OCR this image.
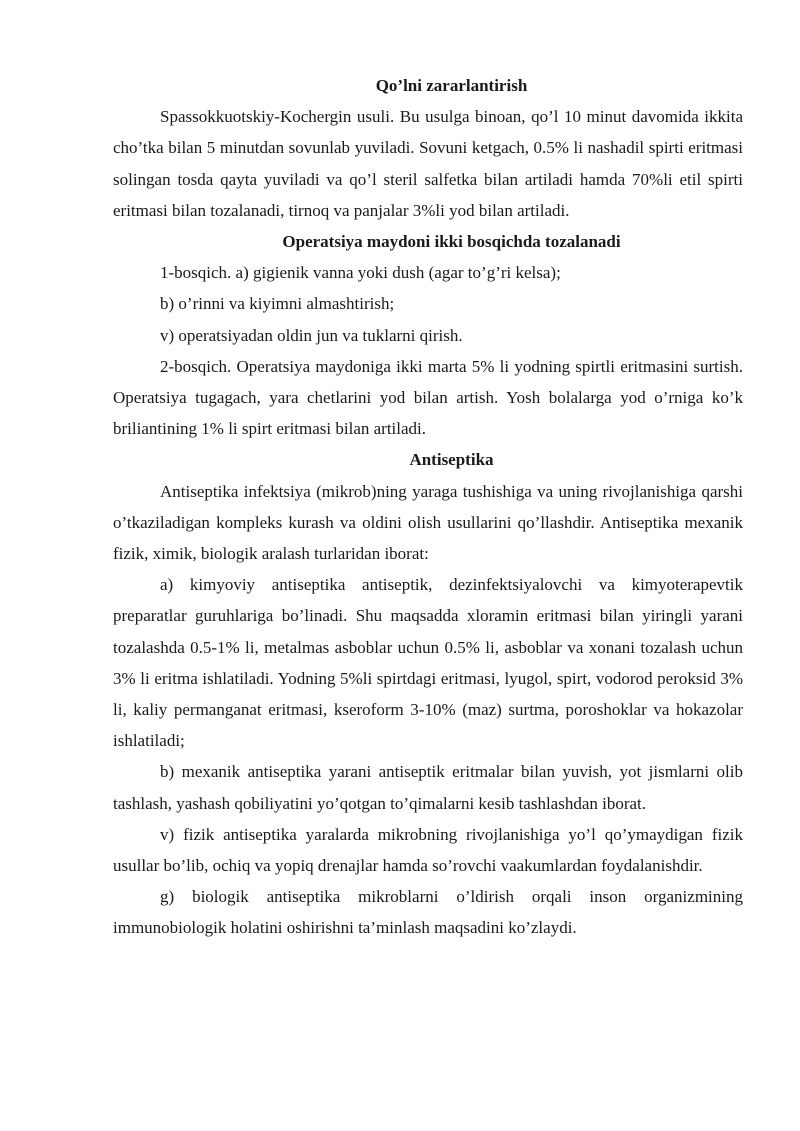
Qo’lni zararlantirish

Spassokkuotskiy-Kochergin usuli. Bu usulga binoan, qo’l 10 minut davomida ikkita cho’tka bilan 5 minutdan sovunlab yuviladi. Sovuni ketgach, 0.5% li nashadil spirti eritmasi solingan tosda qayta yuviladi va qo’l steril salfetka bilan artiladi hamda 70%li etil spirti eritmasi bilan tozalanadi, tirnoq va panjalar 3%li yod bilan artiladi.

Operatsiya maydoni ikki bosqichda tozalanadi

1-bosqich. a) gigienik vanna yoki dush (agar to’g’ri kelsa);

b) o’rinni va kiyimni almashtirish;

v) operatsiyadan oldin jun va tuklarni qirish.

2-bosqich. Operatsiya maydoniga ikki marta 5% li yodning spirtli eritmasini surtish. Operatsiya tugagach, yara chetlarini yod bilan artish. Yosh bolalarga yod o’rniga ko’k briliantining 1% li spirt eritmasi bilan artiladi.

Antiseptika

Antiseptika infektsiya (mikrob)ning yaraga tushishiga va uning rivojlanishiga qarshi o’tkaziladigan kompleks kurash va oldini olish usullarini qo’llashdir. Antiseptika mexanik fizik, ximik, biologik aralash turlaridan iborat:

a) kimyoviy antiseptika antiseptik, dezinfektsiyalovchi va kimyoterapevtik preparatlar guruhlariga bo’linadi. Shu maqsadda xloramin eritmasi bilan yiringli yarani tozalashda 0.5-1% li, metalmas asboblar uchun 0.5% li, asboblar va xonani tozalash uchun 3% li eritma ishlatiladi. Yodning 5%li spirtdagi eritmasi, lyugol, spirt, vodorod peroksid 3% li, kaliy permanganat eritmasi, kseroform 3-10% (maz) surtma, poroshoklar va hokazolar ishlatiladi;

b) mexanik antiseptika yarani antiseptik eritmalar bilan yuvish, yot jismlarni olib tashlash, yashash qobiliyatini yo’qotgan to’qimalarni kesib tashlashdan iborat.

v) fizik antiseptika yaralarda mikrobning rivojlanishiga yo’l qo’ymaydigan fizik usullar bo’lib, ochiq va yopiq drenajlar hamda so’rovchi vaakumlardan foydalanishdir.

g) biologik antiseptika mikroblarni o’ldirish orqali inson organizmining immunobiologik holatini oshirishni ta’minlash maqsadini ko’zlaydi.
